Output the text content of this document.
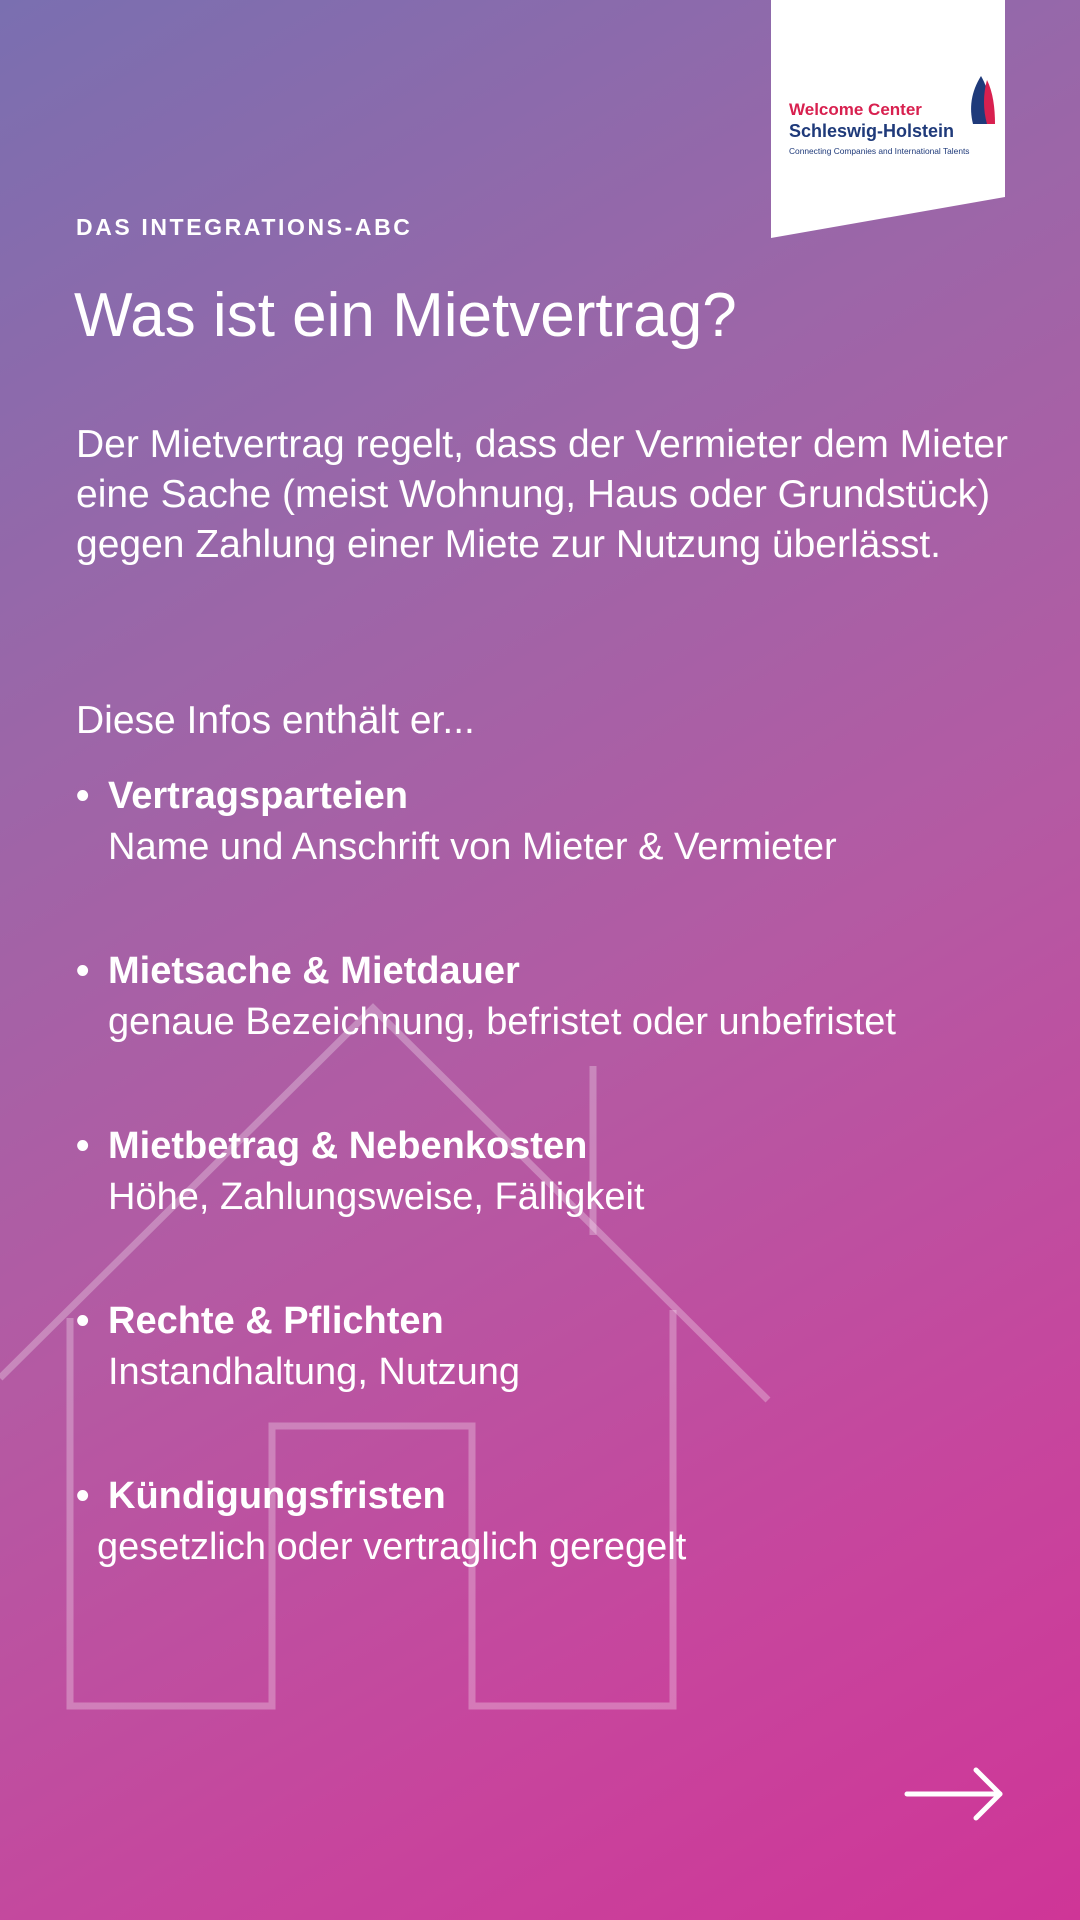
Welcome Center
Schleswig-Holstein
Connecting Companies and International Talents
DAS INTEGRATIONS-ABC
Was ist ein Mietvertrag?

Der Mietvertrag regelt, dass der Vermieter dem Mieter eine Sache (meist Wohnung, Haus oder Grundstück) gegen Zahlung einer Miete zur Nutzung überlässt.

Diese Infos enthält er...
• Vertragsparteien
Name und Anschrift von Mieter & Vermieter
• Mietsache & Mietdauer
genaue Bezeichnung, befristet oder unbefristet
• Mietbetrag & Nebenkosten
Höhe, Zahlungsweise, Fälligkeit
• Rechte & Pflichten
Instandhaltung, Nutzung
• Kündigungsfristen
gesetzlich oder vertraglich geregelt
